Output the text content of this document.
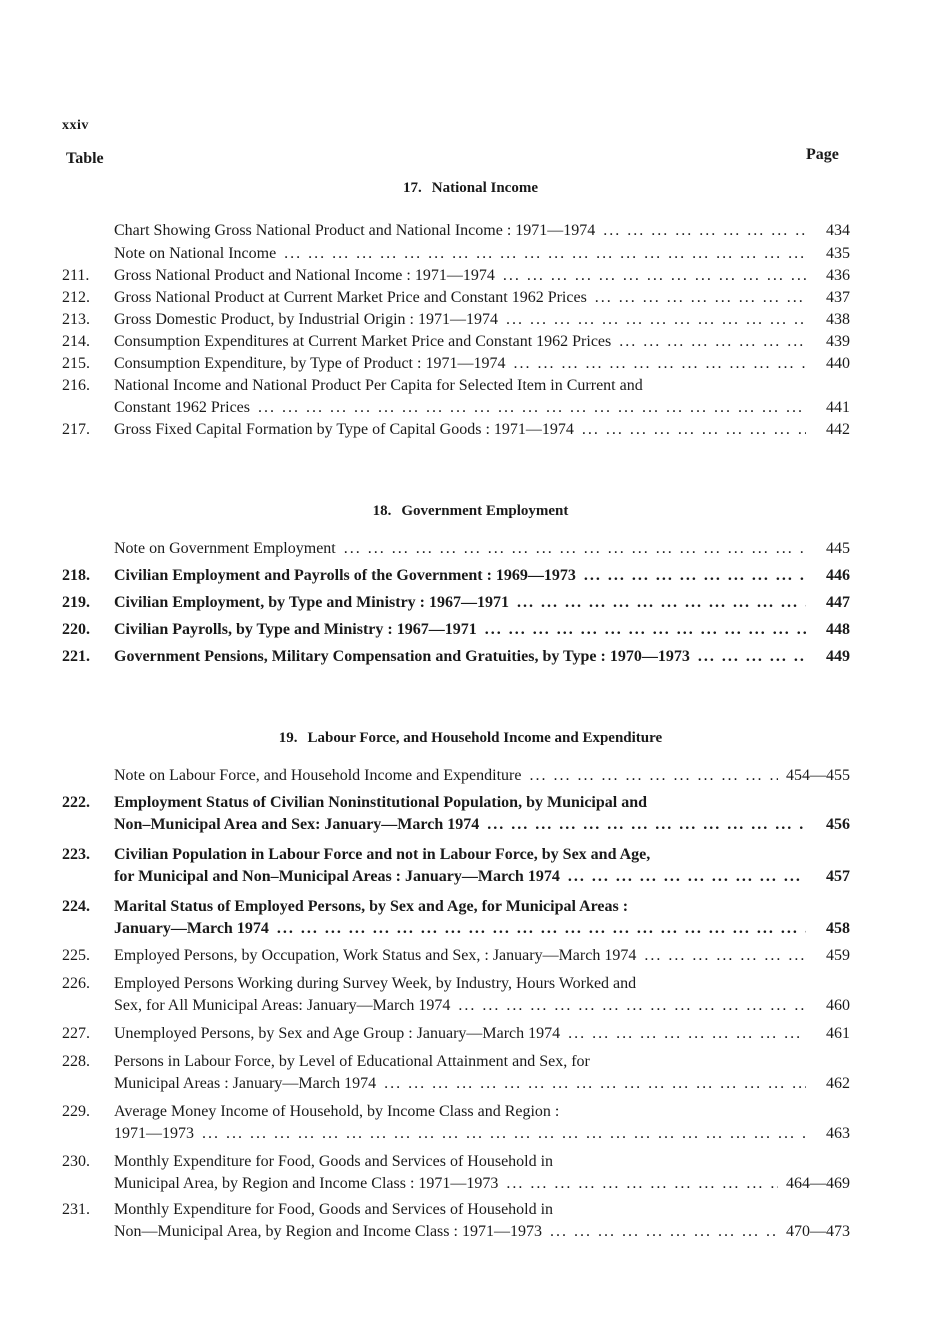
xxiv
Table	Page
17. National Income
Chart Showing Gross National Product and National Income : 1971—1974 ... .	434
Note on National Income ... .	435
211.	Gross National Product and National Income : 1971—1974 ... .	436
212.	Gross National Product at Current Market Price and Constant 1962 Prices ... .	437
213.	Gross Domestic Product, by Industrial Origin : 1971—1974 ... .	438
214.	Consumption Expenditures at Current Market Price and Constant 1962 Prices ... .	439
215.	Consumption Expenditure, by Type of Product : 1971—1974 ... .	440
216.	National Income and National Product Per Capita for Selected Item in Current and
Constant 1962 Prices ... .	441
217.	Gross Fixed Capital Formation by Type of Capital Goods : 1971—1974 ... .	442
18. Government Employment
Note on Government Employment ... .	445
218.	Civilian Employment and Payrolls of the Government : 1969—1973 ... .	446
219.	Civilian Employment, by Type and Ministry : 1967—1971 ... .	447
220.	Civilian Payrolls, by Type and Ministry : 1967—1971 ... .	448
221.	Government Pensions, Military Compensation and Gratuities, by Type : 1970—1973 ... .	449
19. Labour Force, and Household Income and Expenditure
Note on Labour Force, and Household Income and Expenditure ... .	454—455
222.	Employment Status of Civilian Noninstitutional Population, by Municipal and
Non–Municipal Area and Sex: January—March 1974 ... .	456
223.	Civilian Population in Labour Force and not in Labour Force, by Sex and Age,
for Municipal and Non–Municipal Areas : January—March 1974 ... .	457
224.	Marital Status of Employed Persons, by Sex and Age, for Municipal Areas :
January—March 1974 ... .	458
225.	Employed Persons, by Occupation, Work Status and Sex, : January—March 1974 ... .	459
226.	Employed Persons Working during Survey Week, by Industry, Hours Worked and
Sex, for All Municipal Areas: January—March 1974 ... .	460
227.	Unemployed Persons, by Sex and Age Group : January—March 1974 ... .	461
228.	Persons in Labour Force, by Level of Educational Attainment and Sex, for
Municipal Areas : January—March 1974 ... .	462
229.	Average Money Income of Household, by Income Class and Region :
1971—1973 ... .	463
230.	Monthly Expenditure for Food, Goods and Services of Household in
Municipal Area, by Region and Income Class : 1971—1973 ... .	464—469
231.	Monthly Expenditure for Food, Goods and Services of Household in
Non—Municipal Area, by Region and Income Class : 1971—1973 ... .	470—473
